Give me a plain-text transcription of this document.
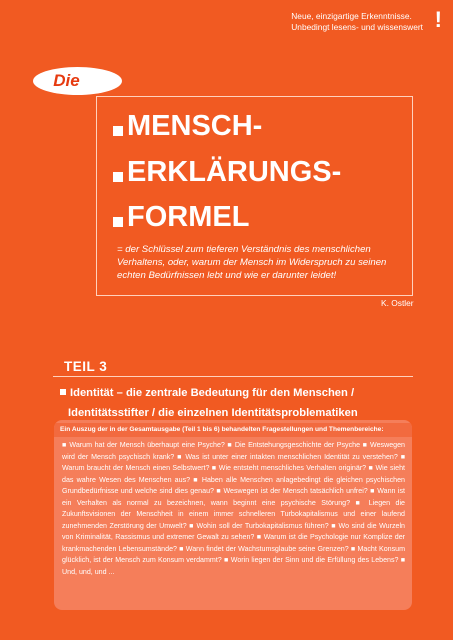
Neue, einzigartige Erkenntnisse.
Unbedingt lesens- und wissenswert !
Die
MENSCH-
ERKLÄRUNGS-
FORMEL
= der Schlüssel zum tieferen Verständnis des menschlichen Verhaltens, oder, warum der Mensch im Widerspruch zu seinen echten Bedürfnissen lebt und wie er darunter leidet!
K. Ostler
TEIL 3
Identität – die zentrale Bedeutung für den Menschen /
Identitätsstifter / die einzelnen Identitätsproblematiken
Ein Auszug der in der Gesamtausgabe (Teil 1 bis 6) behandelten Fragestellungen und Themenbereiche:
■ Warum hat der Mensch überhaupt eine Psyche? ■ Die Entstehungsgeschichte der Psyche ■ Weswegen wird der Mensch psychisch krank? ■ Was ist unter einer intakten menschlichen Identität zu verstehen? ■ Warum braucht der Mensch einen Selbstwert? ■ Wie entsteht menschliches Verhalten originär? ■ Wie sieht das wahre Wesen des Menschen aus? ■ Haben alle Menschen anlagebedingt die gleichen psychischen Grundbedürfnisse und welche sind dies genau? ■ Weswegen ist der Mensch tatsächlich unfrei? ■ Wann ist ein Verhalten als normal zu bezeichnen, wann beginnt eine psychische Störung? ■ Liegen die Zukunftsvisionen der Menschheit in einem immer schnelleren Turbokapitalismus und einer laufend zunehmenden Zerstörung der Umwelt? ■ Wohin soll der Turbokapitalismus führen? ■ Wo sind die Wurzeln von Kriminalität, Rassismus und extremer Gewalt zu sehen? ■ Warum ist die Psychologie nur Komplize der krankmachenden Lebensumstände? ■ Wann findet der Wachstumsglaube seine Grenzen? ■ Macht Konsum glücklich, ist der Mensch zum Konsum verdammt? ■ Worin liegen der Sinn und die Erfüllung des Lebens? ■ Und, und, und ...
